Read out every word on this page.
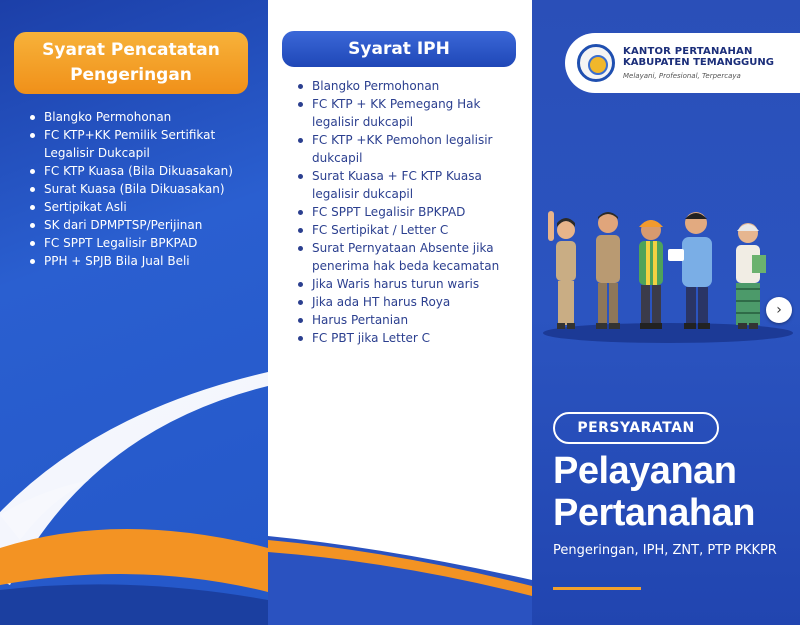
Syarat Pencatatan
Pengeringan
Blangko Permohonan
FC KTP+KK Pemilik Sertifikat Legalisir Dukcapil
FC KTP Kuasa (Bila Dikuasakan)
Surat Kuasa (Bila Dikuasakan)
Sertipikat Asli
SK dari DPMPTSP/Perijinan
FC SPPT Legalisir BPKPAD
PPH + SPJB Bila Jual Beli
Syarat IPH
Blangko Permohonan
FC KTP + KK Pemegang Hak legalisir dukcapil
FC KTP +KK Pemohon legalisir dukcapil
Surat Kuasa + FC KTP Kuasa legalisir dukcapil
FC SPPT Legalisir BPKPAD
FC Sertipikat / Letter C
Surat Pernyataan Absente jika penerima hak beda kecamatan
Jika Waris harus turun waris
Jika ada HT harus Roya
Harus Pertanian
FC PBT jika Letter C
KANTOR PERTANAHAN
KABUPATEN TEMANGGUNG
Melayani, Profesional, Terpercaya
›
PERSYARATAN
Pelayanan
Pertanahan
Pengeringan, IPH, ZNT, PTP PKKPR
